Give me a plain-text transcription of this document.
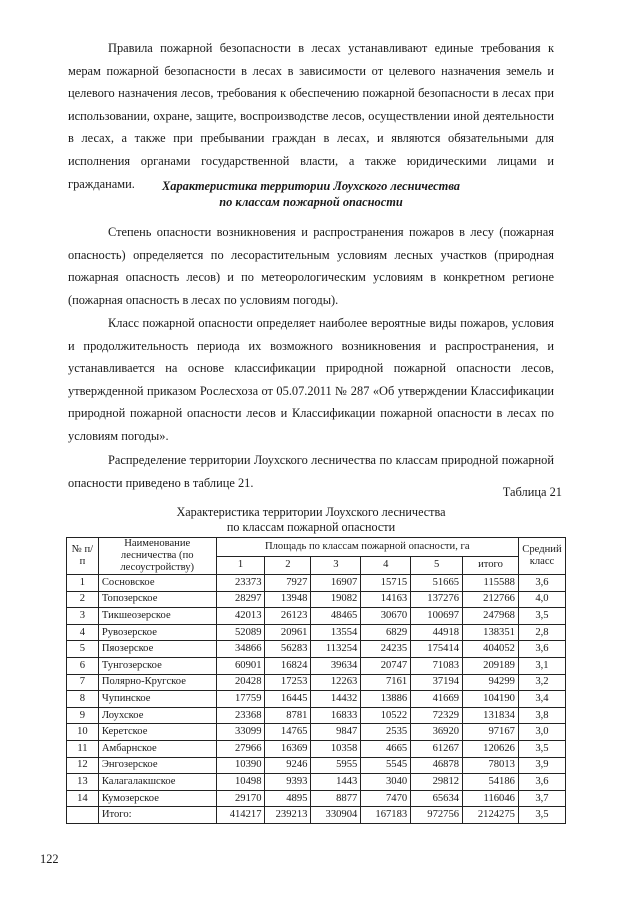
Правила пожарной безопасности в лесах устанавливают единые требования к мерам пожарной безопасности в лесах в зависимости от целевого назначения земель и целевого назначения лесов, требования к обеспечению пожарной безопасности в лесах при использовании, охране, защите, воспроизводстве лесов, осуществлении иной деятельности в лесах, а также при пребывании граждан в лесах, и являются обязательными для исполнения органами государственной власти, а также юридическими лицами и гражданами.	Характеристика территории Лоухского лесничества
по классам пожарной опасности

Степень опасности возникновения и распространения пожаров в лесу (пожарная опасность) определяется по лесорастительным условиям лесных участков (природная пожарная опасность лесов) и по метеорологическим условиям в конкретном регионе (пожарная опасность в лесах по условиям погоды).

Класс пожарной опасности определяет наиболее вероятные виды пожаров, условия и продолжительность периода их возможного возникновения и распространения, и устанавливается на основе классификации природной пожарной опасности лесов, утвержденной приказом Рослесхоза от 05.07.2011 № 287 «Об утверждении Классификации природной пожарной опасности лесов и Классификации пожарной опасности в лесах по условиям погоды».

Распределение территории Лоухского лесничества по классам природной пожарной опасности приведено в таблице 21.

Таблица 21

Характеристика территории Лоухского лесничества
по классам пожарной опасности

№ п/п	Наименование лесничества (по лесоустройству)	Площадь по классам пожарной опасности, га						Средний класс
		1	2	3	4	5	итого	
1	Сосновское	23373	7927	16907	15715	51665	115588	3,6
2	Топозерское	28297	13948	19082	14163	137276	212766	4,0
3	Тикшеозерское	42013	26123	48465	30670	100697	247968	3,5
4	Рувозерское	52089	20961	13554	6829	44918	138351	2,8
5	Пяозерское	34866	56283	113254	24235	175414	404052	3,6
6	Тунгозерское	60901	16824	39634	20747	71083	209189	3,1
7	Полярно-Кругское	20428	17253	12263	7161	37194	94299	3,2
8	Чупинское	17759	16445	14432	13886	41669	104190	3,4
9	Лоухское	23368	8781	16833	10522	72329	131834	3,8
10	Керетское	33099	14765	9847	2535	36920	97167	3,0
11	Амбарнское	27966	16369	10358	4665	61267	120626	3,5
12	Энгозерское	10390	9246	5955	5545	46878	78013	3,9
13	Калагалакшское	10498	9393	1443	3040	29812	54186	3,6
14	Кумозерское	29170	4895	8877	7470	65634	116046	3,7
	Итого:	414217	239213	330904	167183	972756	2124275	3,5
122
